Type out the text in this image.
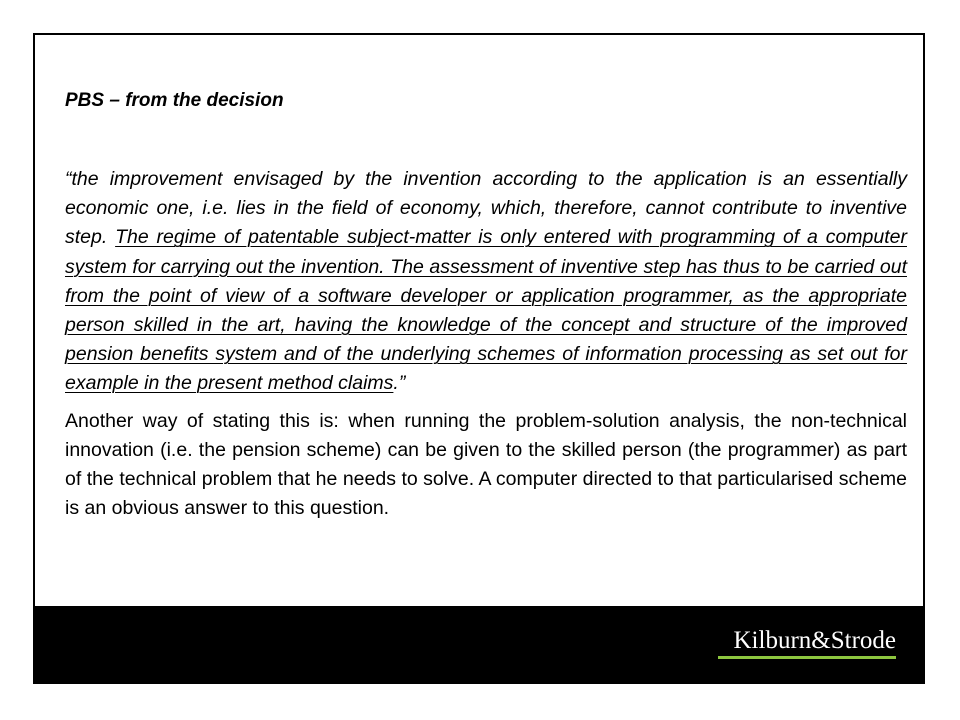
PBS – from the decision

“the improvement envisaged by the invention according to the application is an essentially economic one, i.e. lies in the field of economy, which, therefore, cannot contribute to inventive step. The regime of patentable subject-matter is only entered with programming of a computer system for carrying out the invention. The assessment of inventive step has thus to be carried out from the point of view of a software developer or application programmer, as the appropriate person skilled in the art, having the knowledge of the concept and structure of the improved pension benefits system and of the underlying schemes of information processing as set out for example in the present method claims.”

Another way of stating this is: when running the problem-solution analysis, the non-technical innovation (i.e. the pension scheme) can be given to the skilled person (the programmer) as part of the technical problem that he needs to solve. A computer directed to that particularised scheme is an obvious answer to this question.

Kilburn&Strode
